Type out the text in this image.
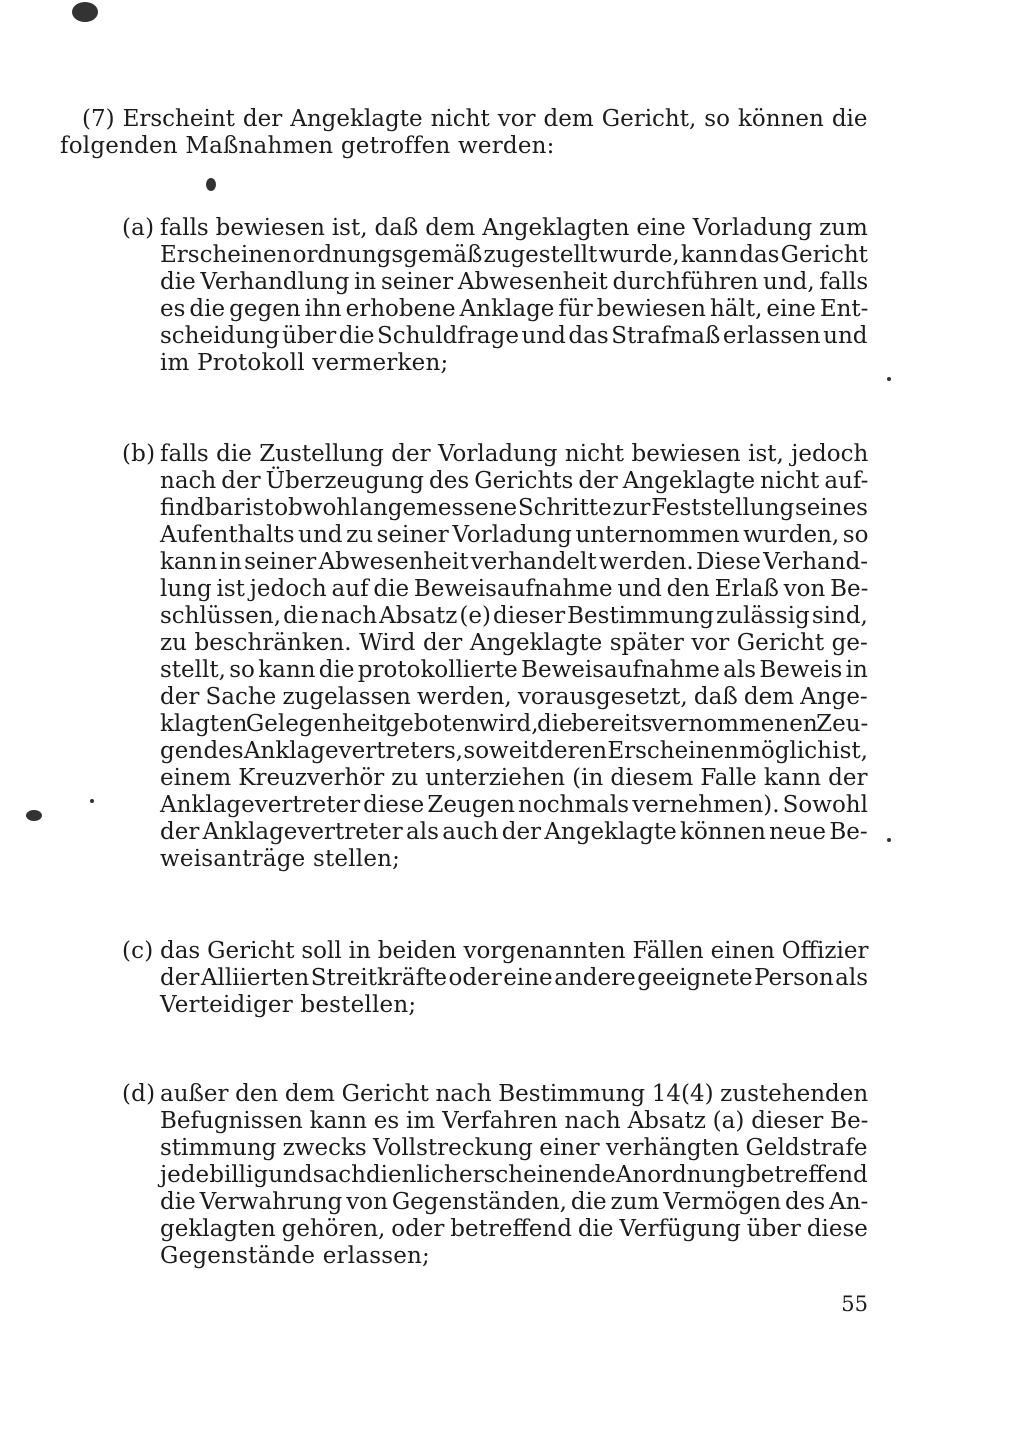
(7) Erscheint der Angeklagte nicht vor dem Gericht, so können die
folgenden Maßnahmen getroffen werden:
(a) falls bewiesen ist, daß dem Angeklagten eine Vorladung zum
Erscheinen ordnungsgemäß zugestellt wurde, kann das Gericht
die Verhandlung in seiner Abwesenheit durchführen und, falls
es die gegen ihn erhobene Anklage für bewiesen hält, eine Ent-
scheidung über die Schuldfrage und das Strafmaß erlassen und
im Protokoll vermerken;
(b) falls die Zustellung der Vorladung nicht bewiesen ist, jedoch
nach der Überzeugung des Gerichts der Angeklagte nicht auf-
findbar ist obwohl angemessene Schritte zur Feststellung seines
Aufenthalts und zu seiner Vorladung unternommen wurden, so
kann in seiner Abwesenheit verhandelt werden. Diese Verhand-
lung ist jedoch auf die Beweisaufnahme und den Erlaß von Be-
schlüssen, die nach Absatz (e) dieser Bestimmung zulässig sind,
zu beschränken. Wird der Angeklagte später vor Gericht ge-
stellt, so kann die protokollierte Beweisaufnahme als Beweis in
der Sache zugelassen werden, vorausgesetzt, daß dem Ange-
klagten Gelegenheit geboten wird, die bereits vernommenen Zeu-
gen des Anklagevertreters, soweit deren Erscheinen möglich ist,
einem Kreuzverhör zu unterziehen (in diesem Falle kann der
Anklagevertreter diese Zeugen nochmals vernehmen). Sowohl
der Anklagevertreter als auch der Angeklagte können neue Be-
weisanträge stellen;
(c) das Gericht soll in beiden vorgenannten Fällen einen Offizier
der Alliierten Streitkräfte oder eine andere geeignete Person als
Verteidiger bestellen;
(d) außer den dem Gericht nach Bestimmung 14(4) zustehenden
Befugnissen kann es im Verfahren nach Absatz (a) dieser Be-
stimmung zwecks Vollstreckung einer verhängten Geldstrafe
jede billig und sachdienlich erscheinende Anordnung betreffend
die Verwahrung von Gegenständen, die zum Vermögen des An-
geklagten gehören, oder betreffend die Verfügung über diese
Gegenstände erlassen;
55
